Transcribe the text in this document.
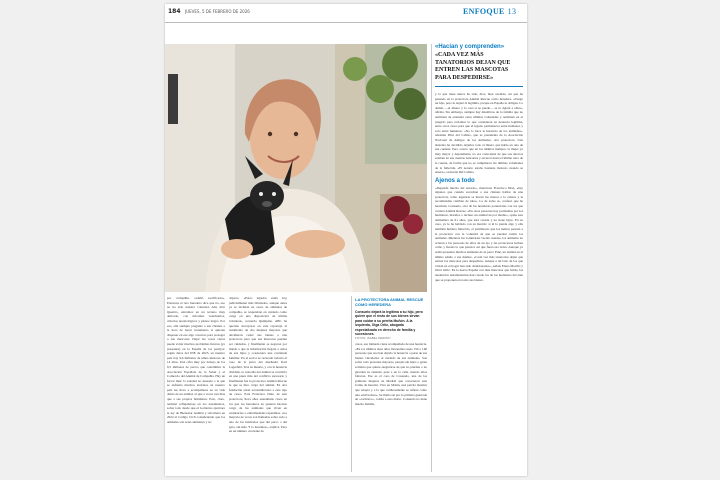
184 JUEVES, 5 DE FEBRERO DE 2026	ENFOQUE 13
«Hacían y comprenden»
«CADA VEZ MÁS TANATORIOS DEJAN QUE ENTREN LAS MASCOTAS PARA DESPEDIRSE»

y la que tiene nunca ha sido, dice, bien avenida, así que ha pensado en la protectora Animal Rescue como heredera. «Tengo un hijo, pero le dejaré la legítima, porque en España te obligan. Lo demás —el dinero y la casa si se puede— se lo dejaré a ellos», afirma. Sin embargo, siempre hay miembros de la familia que no terminan de entender estas últimas voluntades y terminan en el juzgado para reclamar lo que consideran su herencia legítima, entre otros casos para que el legado permanezca entre humanos y solo entre humanos. «No lo hace la herencia de los animales», adelanta Pilar del Cañizo, que es presidenta de la Asociación Nacional de Amigos de los Animales, otra protectora. Una abstenta ha decidido dejarles todo el dinero que había en una de sus cuentas. Pero ocurre que en los últimos tiempos, la mujer ya muy mayor y dependiente, no era consciente de que sus ahorros estaban en sus cuentas bancarias y sacaron hasta el último euro de la cuenta, de forma que no se cumplieron las últimas voluntades de la fallecida. «El notario estaba bastante molesto cuando se enteró», recuerda Del Cañizo.

Ajenos a todo

«Depende mucho del notario», menciona Francisco Díaz, «hay algunos que cuando escuchan a sus clientes hablar de una protectora como legataria se llevan las manos a la cabeza y le recomiendan cambiar de idea». La de todas es, confesó que ha heredado Consuelo, otra de las herederas potenciales con las que contará Animal Rescue. «En otras personas hay problemas por los hermanos, maridos o incluso un animal de por medio», opina esta animalista de 61 años, que está casada y no tiene hijos. En su caso, ya le ha hablado con su marido: si él la pierde algo y ella también hubiera fallecido, el patrimonio que les hemos pasaría a la protectora con la voluntad de que se puedan cuidar los animales. Mientras las voluntarias vacían cuentas, los animales no aclaran a las personas de ellos de un ajo y las protectoras luchan como y fiestas lo que parezca así que fuera esa bolsa. Aunque ya están presentes muchos animales de su perro Eme, un animal en el último adulto a sus dueños. «Cada vez más tanatorios dejan que entren las mascotas para despedirse, aunque a un lado de los que vivían en el hogar han sido abandonados», señala Elena Morillo y Oriol Ortiz. En la nueva España con más mascotas que bebés, las tendencias testamentarias han creado los de los hermanos del ante que se proponen en todos sus bienes.

por compañía, ordeñó sacrificado». Entonces el otro heredero dice que no, eso no ha sido nuestra voluntad. Ahí, dice Quentro, entramos en un terreno muy delicado, con informes veterinarios, criterios deontológicos y plenos largos. Por eso, ella siempre pregunta a sus clientes a la hora de hacer testamento si quieren disponer en ese algo concreto para proteger a sus mascotas. Dejar las cosas claras puede evitar muchos problemas futuros (ya presentes) en la España de los perrijos: según datos del INE de 2025, en nuestro país hay 9,6 millones de niños menores de 14 años. Una cifra muy por debajo de los 9,5 millones de perros que contabiliza la Asociación Española de la Salud y el Comercio del Animal de Compañía. Hay un factor más: la soledad no deseada o la que se enfrenta muchos ancianos en nuestro país les lleva a acompañarse en su vida diaria de un animal, al que a veces ven más que a sus propios familiares. Esto, claro, terminó reflejándose en los testamentos, sobre todo desde que el Gobierno aprobara la ley de Bienestar Animal y reformara en 2022 el Código Civil considerando que los animales son seres sintientes y no

objetos. «Estos legados están hoy judicialmente más blindados, aunque antes ya se incluían en casos de animales de compañía, se respetaban en cuidado como carga en una disposición de última voluntad», recuerda Quintpina. ABC ha querido incorporar en este reportaje el testimonio de dos mujeres mayores que decidieron ceder sus bienes a una protectora para que sus mascotas puedan ser cuidadas, y finalmente se negaron por miedo a que la información llegara a oídos de sus hijos y ocasionara una contienda familiar. En el sector se recuerda todavía el caso de la perra del diseñador Karl Lagerfeld. Tras su muerte, y con la herencia dividida, la custodia del animal se convirtió en una pieza más del conflicto sucesorio y finalmente fue la protectora Animal Rescue la que se hizo cargo del animal. En otra fundación están acostumbrados a este tipo de casos. Para Francisco Díaz, de esta protectora, lleva años atendiendo casos en los que los herederos no quieren hacerse cargo de los animales que viven en residencias o enfermedades repentinas. «La mayoría de veces son llamadas sobre todo a uno de los hermanos que del perro o del gato, sin más. Y lo hacemos», explica. Pero en un número creciente de

LA PROTECTORA ANIMAL RESCUE COMO HEREDERA
Consuelo dejará la legítima a su hijo, pero quiere que el resto de sus bienes sirvan para cuidar a su perrita Muñón. A la izquierda, Olga Ortiz, abogada especializada en derecho de familia y sucesiones.
FOTOS: ISABEL PERMUY

casos, esa llamada viene acompañada de una herencia. «En los últimos siete años llevaremos unas 150 o 160 personas que nos han dejado la herencia o parte de sus bienes vinculados al cuidado de sus animales. Son sobre todo personas mayores, parejas sin hijos o gente solitaria que quiere asegurarse de que no pierden o no guardan su sustento pese a en la calle cuando ellos faltaron. Ese es el caso de Consuelo, una de las primeras mujeres en Madrid que conocieron esta forma de heredar. Vive en Malán, una perrita mestiza que adoptó y a la que cariñosamente se refiere como una «mil leches». Se llama así por la primera guarrada de «cachorro», confía a esta diario. Consuelo no tiene mucha familia,
